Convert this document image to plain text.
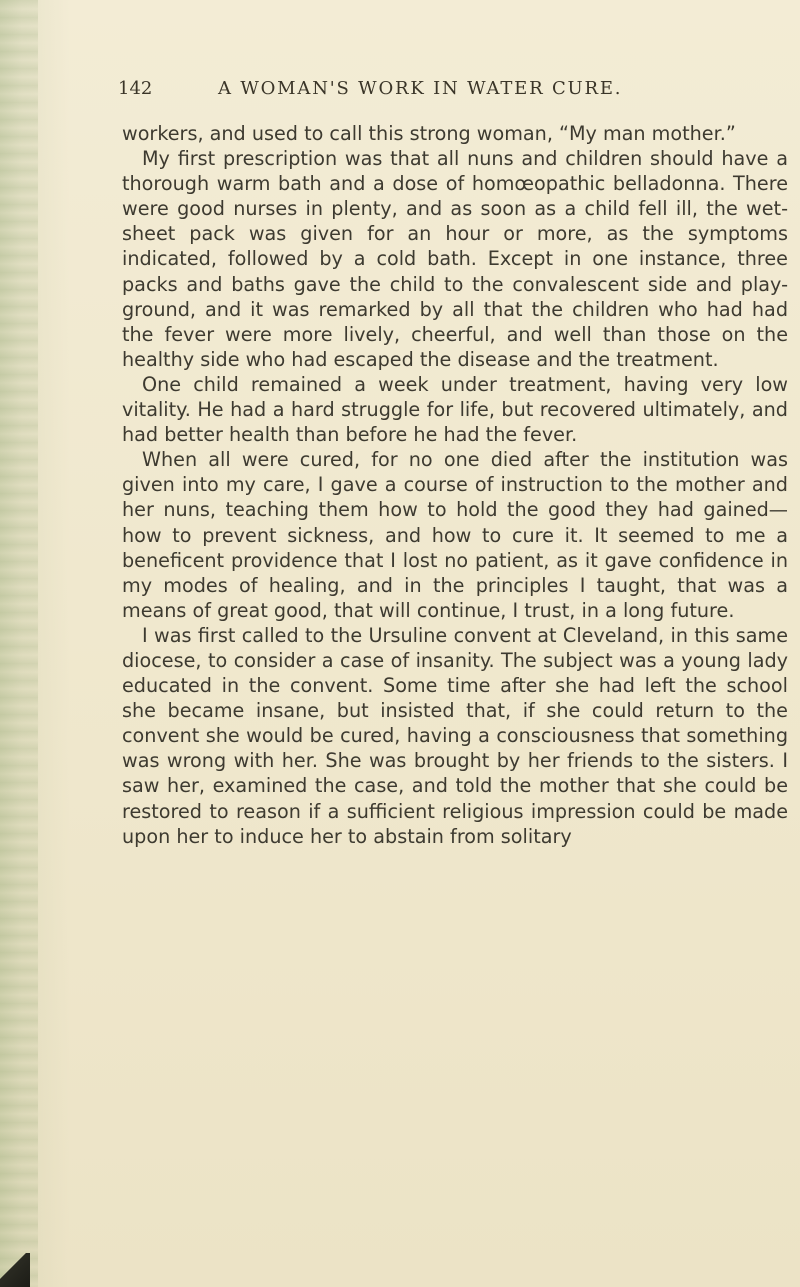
142	A WOMAN'S WORK IN WATER CURE.

workers, and used to call this strong woman, “My man mother.”

My first prescription was that all nuns and children should have a thorough warm bath and a dose of homœopathic belladonna. There were good nurses in plenty, and as soon as a child fell ill, the wet-sheet pack was given for an hour or more, as the symptoms indicated, followed by a cold bath. Except in one instance, three packs and baths gave the child to the convalescent side and play-ground, and it was remarked by all that the children who had had the fever were more lively, cheerful, and well than those on the healthy side who had escaped the disease and the treatment.

One child remained a week under treatment, having very low vitality. He had a hard struggle for life, but recovered ultimately, and had better health than before he had the fever.

When all were cured, for no one died after the institution was given into my care, I gave a course of instruction to the mother and her nuns, teaching them how to hold the good they had gained—how to prevent sickness, and how to cure it. It seemed to me a beneficent providence that I lost no patient, as it gave confidence in my modes of healing, and in the principles I taught, that was a means of great good, that will continue, I trust, in a long future.

I was first called to the Ursuline convent at Cleveland, in this same diocese, to consider a case of insanity. The subject was a young lady educated in the convent. Some time after she had left the school she became insane, but insisted that, if she could return to the convent she would be cured, having a consciousness that something was wrong with her. She was brought by her friends to the sisters. I saw her, examined the case, and told the mother that she could be restored to reason if a sufficient religious impression could be made upon her to induce her to abstain from solitary
